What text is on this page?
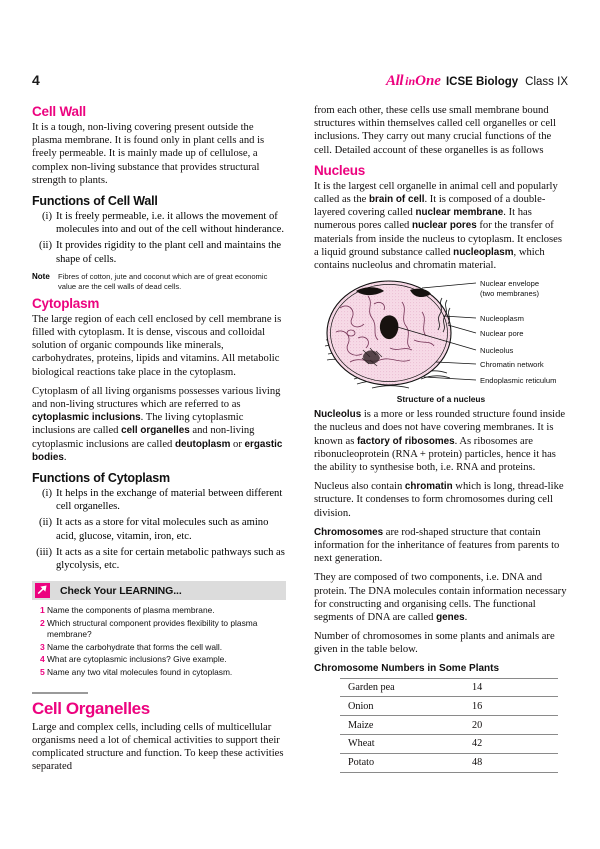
4	All in One ICSE Biology Class IX
Cell Wall

It is a tough, non-living covering present outside the plasma membrane. It is found only in plant cells and is freely permeable. It is mainly made up of cellulose, a complex non-living substance that provides structural strength to plants.

Functions of Cell Wall
(i) It is freely permeable, i.e. it allows the movement of molecules into and out of the cell without hinderance.
(ii) It provides rigidity to the plant cell and maintains the shape of cells.
Note	Fibres of cotton, jute and coconut which are of great economic value are the cell walls of dead cells.
Cytoplasm

The large region of each cell enclosed by cell membrane is filled with cytoplasm. It is dense, viscous and colloidal solution of organic compounds like minerals, carbohydrates, proteins, lipids and vitamins. All metabolic biological reactions take place in the cytoplasm.

Cytoplasm of all living organisms possesses various living and non-living structures which are referred to as cytoplasmic inclusions. The living cytoplasmic inclusions are called cell organelles and non-living cytoplasmic inclusions are called deutoplasm or ergastic bodies.

Functions of Cytoplasm
(i) It helps in the exchange of material between different cell organelles.
(ii) It acts as a store for vital molecules such as amino acid, glucose, vitamin, iron, etc.
(iii) It acts as a site for certain metabolic pathways such as glycolysis, etc.
Check Your LEARNING...
1 Name the components of plasma membrane.
2 Which structural component provides flexibility to plasma membrane?
3 Name the carbohydrate that forms the cell wall.
4 What are cytoplasmic inclusions? Give example.
5 Name any two vital molecules found in cytoplasm.
Cell Organelles

Large and complex cells, including cells of multicellular organisms need a lot of chemical activities to support their complicated structure and function. To keep these activities separated

from each other, these cells use small membrane bound structures within themselves called cell organelles or cell inclusions. They carry out many crucial functions of the cell. Detailed account of these organelles is as follows

Nucleus

It is the largest cell organelle in animal cell and popularly called as the brain of cell. It is composed of a double-layered covering called nuclear membrane. It has numerous pores called nuclear pores for the transfer of materials from inside the nucleus to cytoplasm. It encloses a liquid ground substance called nucleoplasm, which contains nucleolus and chromatin material.

Nuclear envelope
(two membranes)
Nucleoplasm
Nuclear pore
Nucleolus
Chromatin network
Endoplasmic reticulum
Structure of a nucleus

Nucleolus is a more or less rounded structure found inside the nucleus and does not have covering membranes. It is known as factory of ribosomes. As ribosomes are ribonucleoprotein (RNA + protein) particles, hence it has the ability to synthesise both, i.e. RNA and proteins.

Nucleus also contain chromatin which is long, thread-like structure. It condenses to form chromosomes during cell division.

Chromosomes are rod-shaped structure that contain information for the inheritance of features from parents to next generation.

They are composed of two components, i.e. DNA and protein. The DNA molecules contain information necessary for constructing and organising cells. The functional segments of DNA are called genes.

Number of chromosomes in some plants and animals are given in the table below.

Chromosome Numbers in Some Plants
Garden pea	14
Onion	16
Maize	20
Wheat	42
Potato	48
